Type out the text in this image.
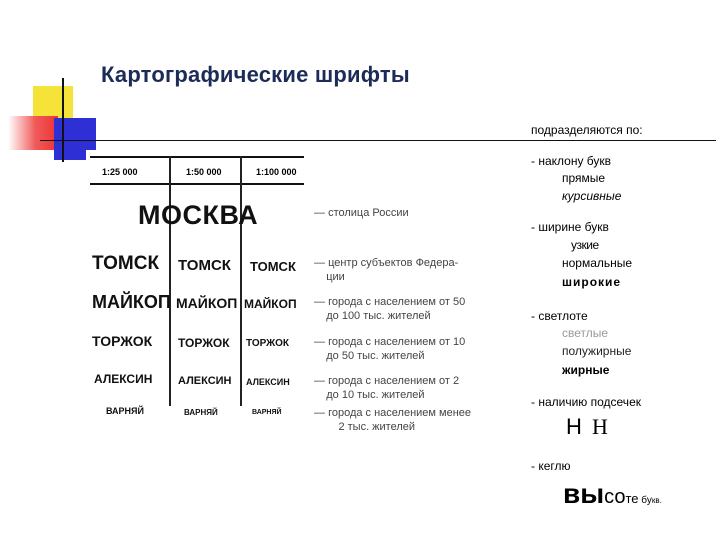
Картографические шрифты
1:25 000	1:50 000	1:100 000
МОСКВА	— столица России
ТОМСК ТОМСК ТОМСК — центр субъектов Федера-
ции
МАЙКОП МАЙКОП МАЙКОП — города с населением от 50
до 100 тыс. жителей
ТОРЖОК ТОРЖОК ТОРЖОК — города с населением от 10
до 50 тыс. жителей
АЛЕКСИН АЛЕКСИН АЛЕКСИН — города с населением от 2
до 10 тыс. жителей
ВАРНЯЙ	ВАРНЯЙ	ВАРНЯЙ	— города с населением менее
2 тыс. жителей
подразделяются по:
- наклону букв
прямые
курсивные
- ширине букв
узкие
нормальные
широкие
- светлоте
светлые
полужирные
жирные
- наличию подсечек
Н Н
- кеглю
высоте букв.
